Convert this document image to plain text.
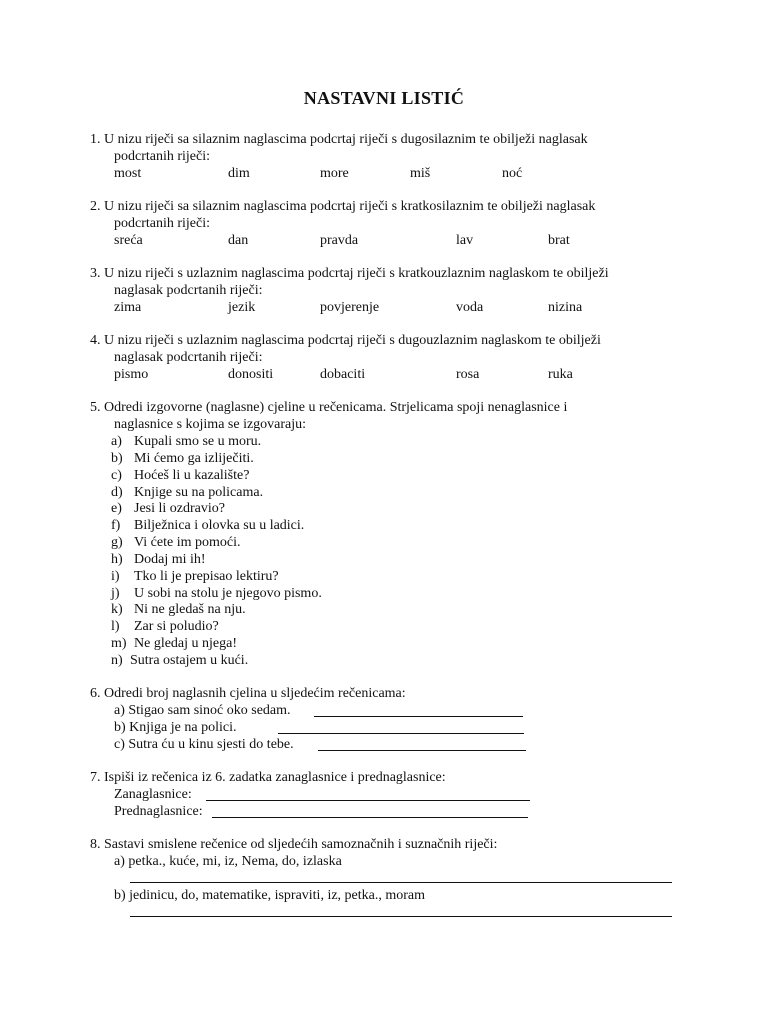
NASTAVNI LISTIĆ
1. U nizu riječi sa silaznim naglascima podcrtaj riječi s dugosilaznim te obilježi naglasak
podcrtanih riječi:
most	dim	more	miš	noć
2. U nizu riječi sa silaznim naglascima podcrtaj riječi s kratkosilaznim te obilježi naglasak
podcrtanih riječi:
sreća	dan	pravda	lav	brat
3. U nizu riječi s uzlaznim naglascima podcrtaj riječi s kratkouzlaznim naglaskom te obilježi
naglasak podcrtanih riječi:
zima	jezik	povjerenje	voda	nizina
4. U nizu riječi s uzlaznim naglascima podcrtaj riječi s dugouzlaznim naglaskom te obilježi
naglasak podcrtanih riječi:
pismo	donositi	dobaciti	rosa	ruka
5. Odredi izgovorne (naglasne) cjeline u rečenicama. Strjelicama spoji nenaglasnice i
naglasnice s kojima se izgovaraju:
a) Kupali smo se u moru.
b) Mi ćemo ga izliječiti.
c) Hoćeš li u kazalište?
d) Knjige su na policama.
e) Jesi li ozdravio?
f) Bilježnica i olovka su u ladici.
g) Vi ćete im pomoći.
h) Dodaj mi ih!
i) Tko li je prepisao lektiru?
j) U sobi na stolu je njegovo pismo.
k) Ni ne gledaš na nju.
l) Zar si poludio?
m) Ne gledaj u njega!
n) Sutra ostajem u kući.
6. Odredi broj naglasnih cjelina u sljedećim rečenicama:
a) Stigao sam sinoć oko sedam.
b) Knjiga je na polici.
c) Sutra ću u kinu sjesti do tebe.
7. Ispiši iz rečenica iz 6. zadatka zanaglasnice i prednaglasnice:
Zanaglasnice:
Prednaglasnice:
8. Sastavi smislene rečenice od sljedećih samoznačnih i suznačnih riječi:
a) petka., kuće, mi, iz, Nema, do, izlaska
b) jedinicu, do, matematike, ispraviti, iz, petka., moram
